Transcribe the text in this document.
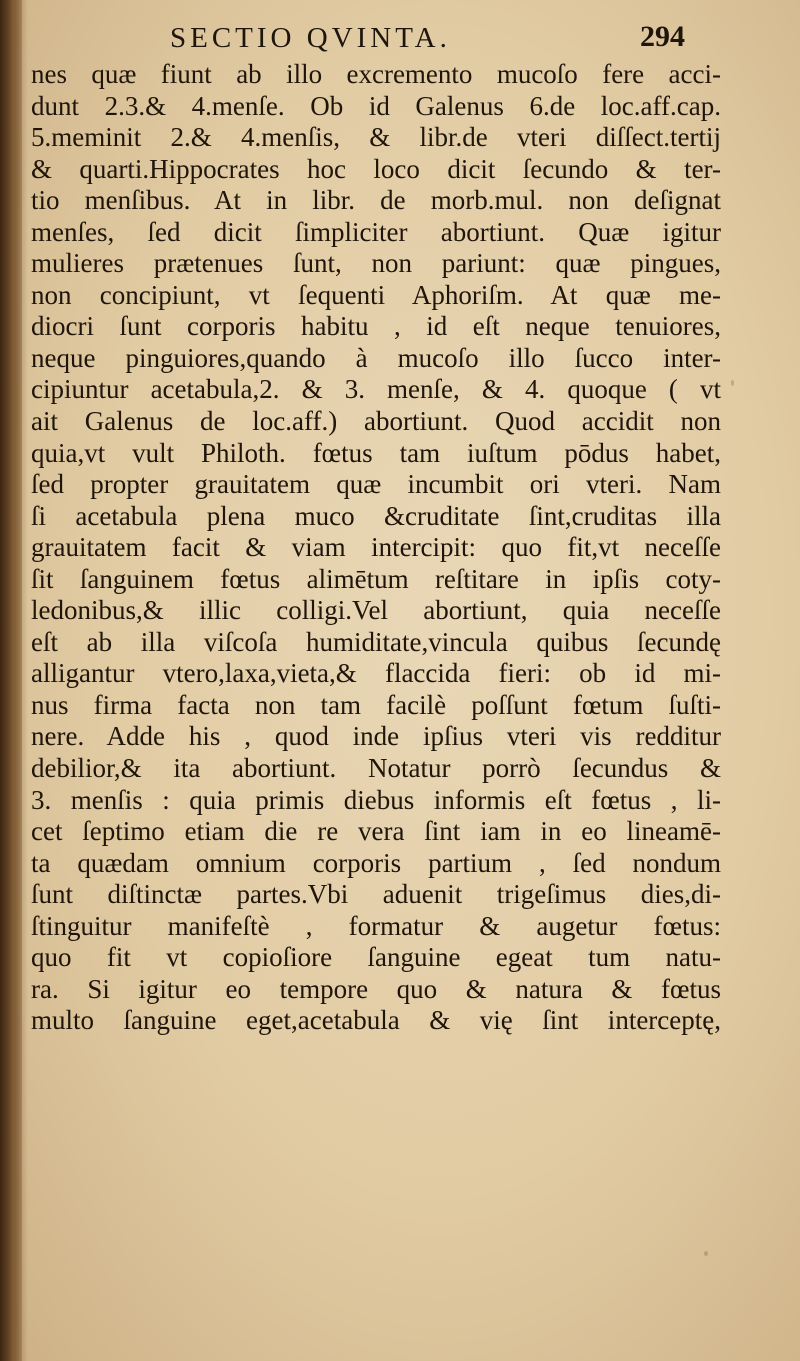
SECTIO QVINTA.	294
nes quæ fiunt ab illo excremento mucoſo fere acci-
dunt 2.3.& 4.menſe. Ob id Galenus 6.de loc.aff.cap.
5.meminit 2.& 4.menſis, & libr.de vteri diſſect.tertij
& quarti.Hippocrates hoc loco dicit ſecundo & ter-
tio menſibus. At in libr. de morb.mul. non deſignat
menſes, ſed dicit ſimpliciter abortiunt. Quæ igitur
mulieres prætenues ſunt, non pariunt: quæ pingues,
non concipiunt, vt ſequenti Aphoriſm. At quæ me-
diocri ſunt corporis habitu , id eſt neque tenuiores,
neque pinguiores,quando à mucoſo illo ſucco inter-
cipiuntur acetabula,2. & 3. menſe, & 4. quoque ( vt
ait Galenus de loc.aff.) abortiunt. Quod accidit non
quia,vt vult Philoth. fœtus tam iuſtum pōdus habet,
ſed propter grauitatem quæ incumbit ori vteri. Nam
ſi acetabula plena muco &cruditate ſint,cruditas illa
grauitatem facit & viam intercipit: quo fit,vt neceſſe
ſit ſanguinem fœtus alimētum reſtitare in ipſis coty-
ledonibus,& illic colligi.Vel abortiunt, quia neceſſe
eſt ab illa viſcoſa humiditate,vincula quibus ſecundę
alligantur vtero,laxa,vieta,& flaccida fieri: ob id mi-
nus firma facta non tam facilè poſſunt fœtum ſuſti-
nere. Adde his , quod inde ipſius vteri vis redditur
debilior,& ita abortiunt. Notatur porrò ſecundus &
3. menſis : quia primis diebus informis eſt fœtus , li-
cet ſeptimo etiam die re vera ſint iam in eo lineamē-
ta quædam omnium corporis partium , ſed nondum
ſunt diſtinctæ partes.Vbi aduenit trigeſimus dies,di-
ſtinguitur manifeſtè , formatur & augetur fœtus:
quo fit vt copioſiore ſanguine egeat tum natu-
ra. Si igitur eo tempore quo & natura & fœtus
multo ſanguine eget,acetabula & vię ſint interceptę,
